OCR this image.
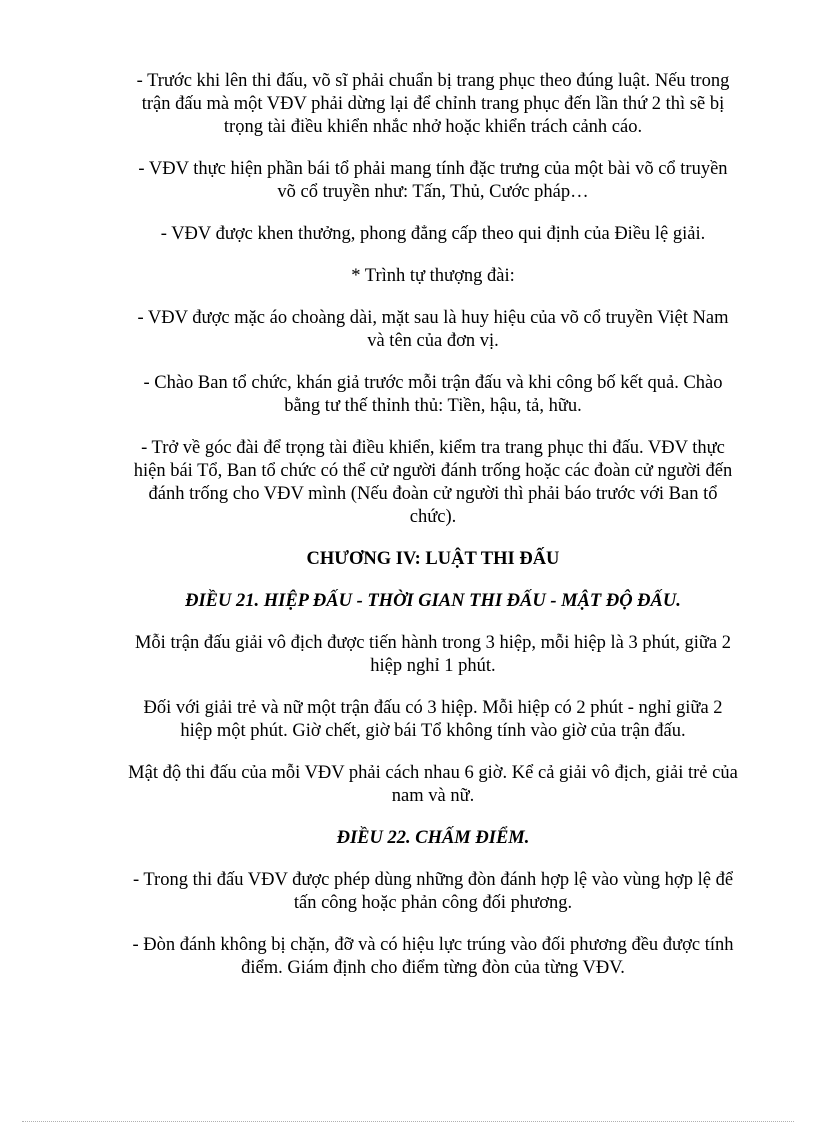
- Trước khi lên thi đấu, võ sĩ phải chuẩn bị trang phục theo đúng luật. Nếu trong trận đấu mà một VĐV phải dừng lại để chỉnh trang phục đến lần thứ 2 thì sẽ bị trọng tài điều khiển nhắc nhở hoặc khiển trách cảnh cáo.

- VĐV thực hiện phần bái tổ phải mang tính đặc trưng của một bài võ cổ truyền võ cổ truyền như: Tấn, Thủ, Cước pháp…

- VĐV được khen thưởng, phong đẳng cấp theo qui định của Điều lệ giải.

* Trình tự thượng đài:

- VĐV được mặc áo choàng dài, mặt sau là huy hiệu của võ cổ truyền Việt Nam và tên của đơn vị.

- Chào Ban tổ chức, khán giả trước mỗi trận đấu và khi công bố kết quả. Chào bằng tư thế thỉnh thủ: Tiền, hậu, tả, hữu.

- Trở về góc đài để trọng tài điều khiển, kiểm tra trang phục thi đấu. VĐV thực hiện bái Tổ, Ban tổ chức có thể cử người đánh trống hoặc các đoàn cử người đến đánh trống cho VĐV mình (Nếu đoàn cử người thì phải báo trước với Ban tổ chức).

CHƯƠNG IV: LUẬT THI ĐẤU

ĐIỀU 21. HIỆP ĐẤU - THỜI GIAN THI ĐẤU - MẬT ĐỘ ĐẤU.

Mỗi trận đấu giải vô địch được tiến hành trong 3 hiệp, mỗi hiệp là 3 phút, giữa 2 hiệp nghỉ 1 phút.

Đối với giải trẻ và nữ một trận đấu có 3 hiệp. Mỗi hiệp có 2 phút - nghỉ giữa 2 hiệp một phút. Giờ chết, giờ bái Tổ không tính vào giờ của trận đấu.

Mật độ thi đấu của mỗi VĐV phải cách nhau 6 giờ. Kể cả giải vô địch, giải trẻ của nam và nữ.

ĐIỀU 22. CHẤM ĐIỂM.

- Trong thi đấu VĐV được phép dùng những đòn đánh hợp lệ vào vùng hợp lệ để tấn công hoặc phản công đối phương.

- Đòn đánh không bị chặn, đỡ và có hiệu lực trúng vào đối phương đều được tính điểm. Giám định cho điểm từng đòn của từng VĐV.
